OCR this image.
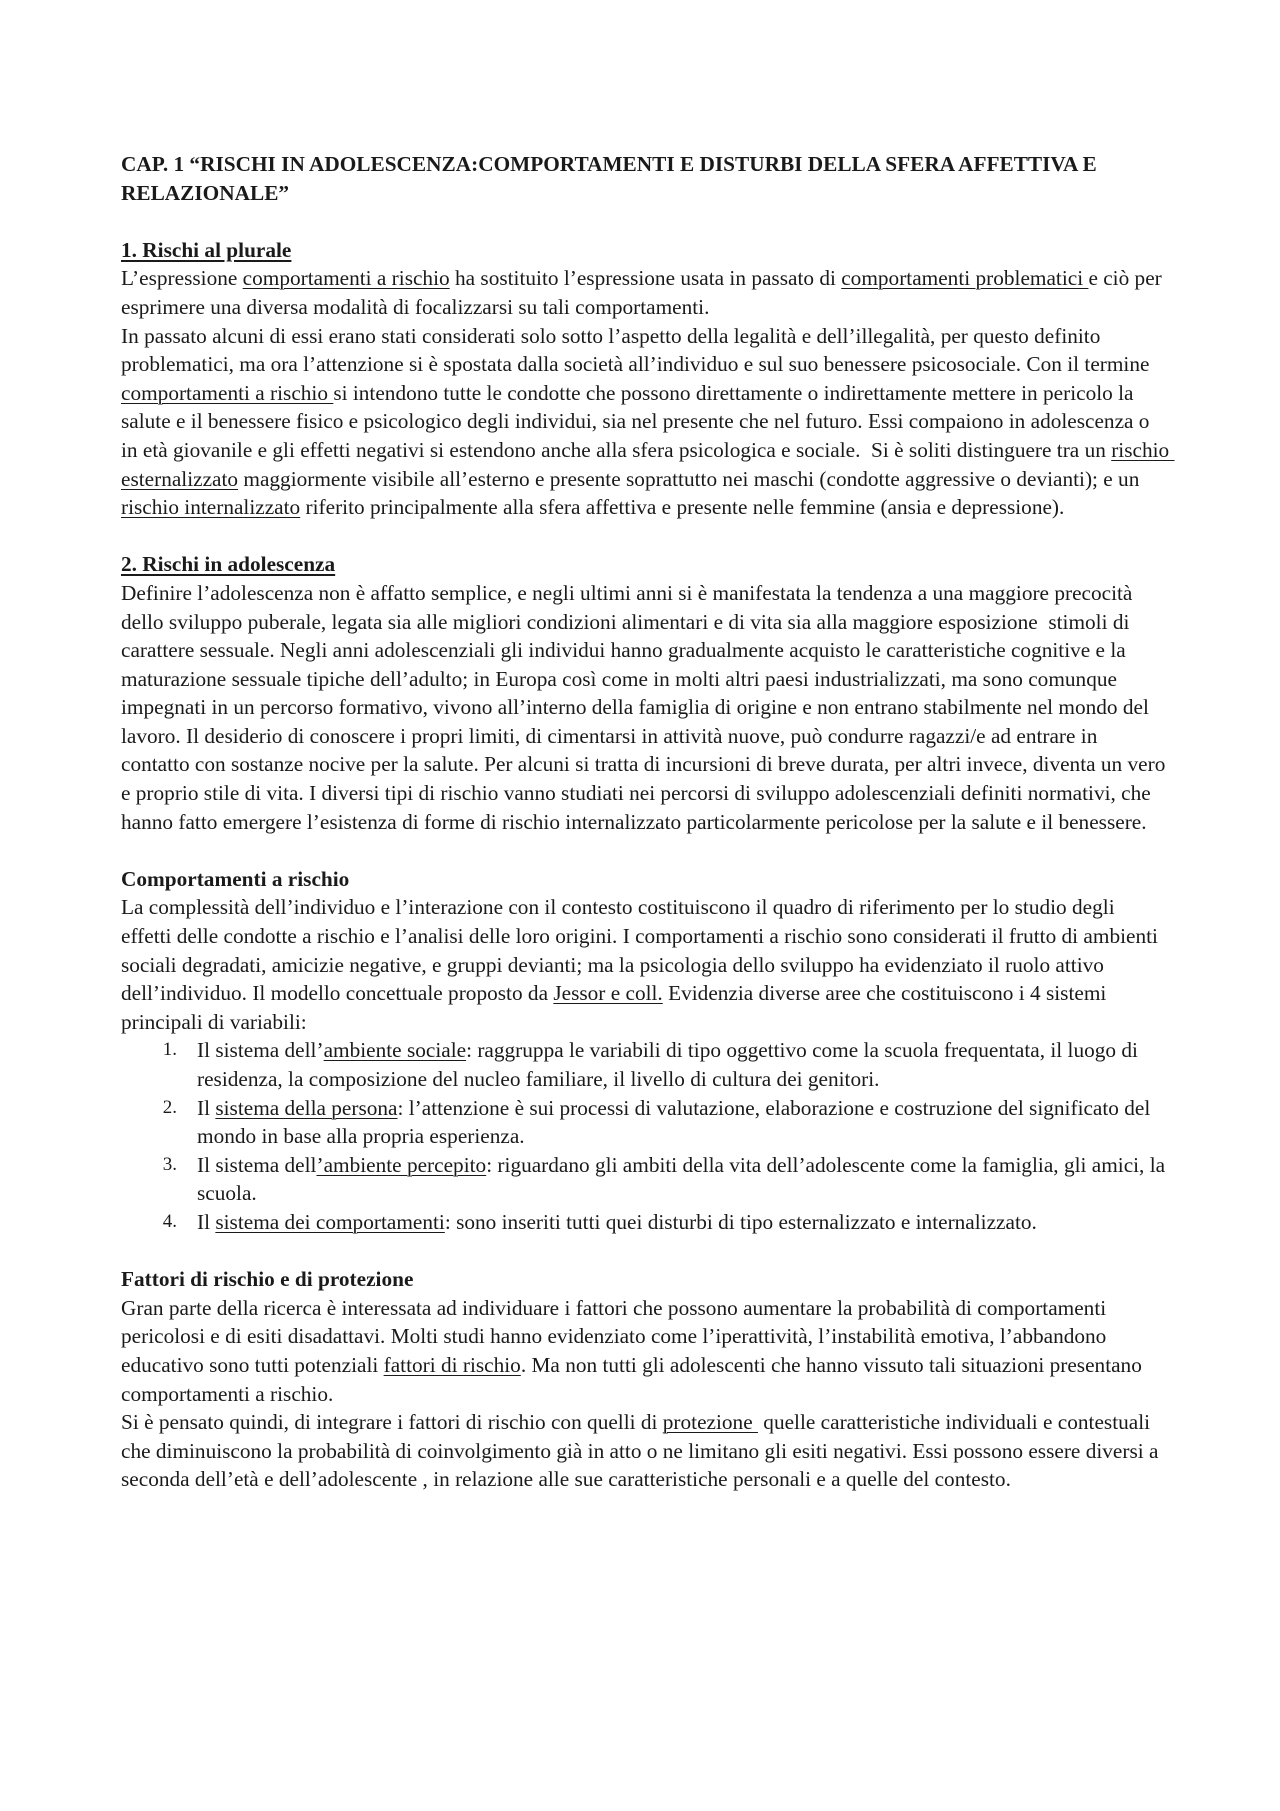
CAP. 1 “RISCHI IN ADOLESCENZA:COMPORTAMENTI E DISTURBI DELLA SFERA AFFETTIVA E RELAZIONALE”
1. Rischi al plurale

L’espressione comportamenti a rischio ha sostituito l’espressione usata in passato di comportamenti problematici e ciò per esprimere una diversa modalità di focalizzarsi su tali comportamenti.

In passato alcuni di essi erano stati considerati solo sotto l’aspetto della legalità e dell’illegalità, per questo definito problematici, ma ora l’attenzione si è spostata dalla società all’individuo e sul suo benessere psicosociale. Con il termine comportamenti a rischio si intendono tutte le condotte che possono direttamente o indirettamente mettere in pericolo la salute e il benessere fisico e psicologico degli individui, sia nel presente che nel futuro. Essi compaiono in adolescenza o in età giovanile e gli effetti negativi si estendono anche alla sfera psicologica e sociale.  Si è soliti distinguere tra un rischio esternalizzato maggiormente visibile all’esterno e presente soprattutto nei maschi (condotte aggressive o devianti); e un rischio internalizzato riferito principalmente alla sfera affettiva e presente nelle femmine (ansia e depressione).

2. Rischi in adolescenza

Definire l’adolescenza non è affatto semplice, e negli ultimi anni si è manifestata la tendenza a una maggiore precocità dello sviluppo puberale, legata sia alle migliori condizioni alimentari e di vita sia alla maggiore esposizione  stimoli di carattere sessuale. Negli anni adolescenziali gli individui hanno gradualmente acquisto le caratteristiche cognitive e la maturazione sessuale tipiche dell’adulto; in Europa così come in molti altri paesi industrializzati, ma sono comunque impegnati in un percorso formativo, vivono all’interno della famiglia di origine e non entrano stabilmente nel mondo del lavoro. Il desiderio di conoscere i propri limiti, di cimentarsi in attività nuove, può condurre ragazzi/e ad entrare in contatto con sostanze nocive per la salute. Per alcuni si tratta di incursioni di breve durata, per altri invece, diventa un vero e proprio stile di vita. I diversi tipi di rischio vanno studiati nei percorsi di sviluppo adolescenziali definiti normativi, che hanno fatto emergere l’esistenza di forme di rischio internalizzato particolarmente pericolose per la salute e il benessere.

Comportamenti a rischio

La complessità dell’individuo e l’interazione con il contesto costituiscono il quadro di riferimento per lo studio degli effetti delle condotte a rischio e l’analisi delle loro origini. I comportamenti a rischio sono considerati il frutto di ambienti sociali degradati, amicizie negative, e gruppi devianti; ma la psicologia dello sviluppo ha evidenziato il ruolo attivo dell’individuo. Il modello concettuale proposto da Jessor e coll. Evidenzia diverse aree che costituiscono i 4 sistemi principali di variabili:

1. Il sistema dell’ambiente sociale: raggruppa le variabili di tipo oggettivo come la scuola frequentata, il luogo di residenza, la composizione del nucleo familiare, il livello di cultura dei genitori.
2. Il sistema della persona: l’attenzione è sui processi di valutazione, elaborazione e costruzione del significato del mondo in base alla propria esperienza.
3. Il sistema dell’ambiente percepito: riguardano gli ambiti della vita dell’adolescente come la famiglia, gli amici, la scuola.
4. Il sistema dei comportamenti: sono inseriti tutti quei disturbi di tipo esternalizzato e internalizzato.
Fattori di rischio e di protezione

Gran parte della ricerca è interessata ad individuare i fattori che possono aumentare la probabilità di comportamenti pericolosi e di esiti disadattavi. Molti studi hanno evidenziato come l’iperattività, l’instabilità emotiva, l’abbandono educativo sono tutti potenziali fattori di rischio. Ma non tutti gli adolescenti che hanno vissuto tali situazioni presentano comportamenti a rischio.

Si è pensato quindi, di integrare i fattori di rischio con quelli di protezione  quelle caratteristiche individuali e contestuali che diminuiscono la probabilità di coinvolgimento già in atto o ne limitano gli esiti negativi. Essi possono essere diversi a seconda dell’età e dell’adolescente , in relazione alle sue caratteristiche personali e a quelle del contesto.
